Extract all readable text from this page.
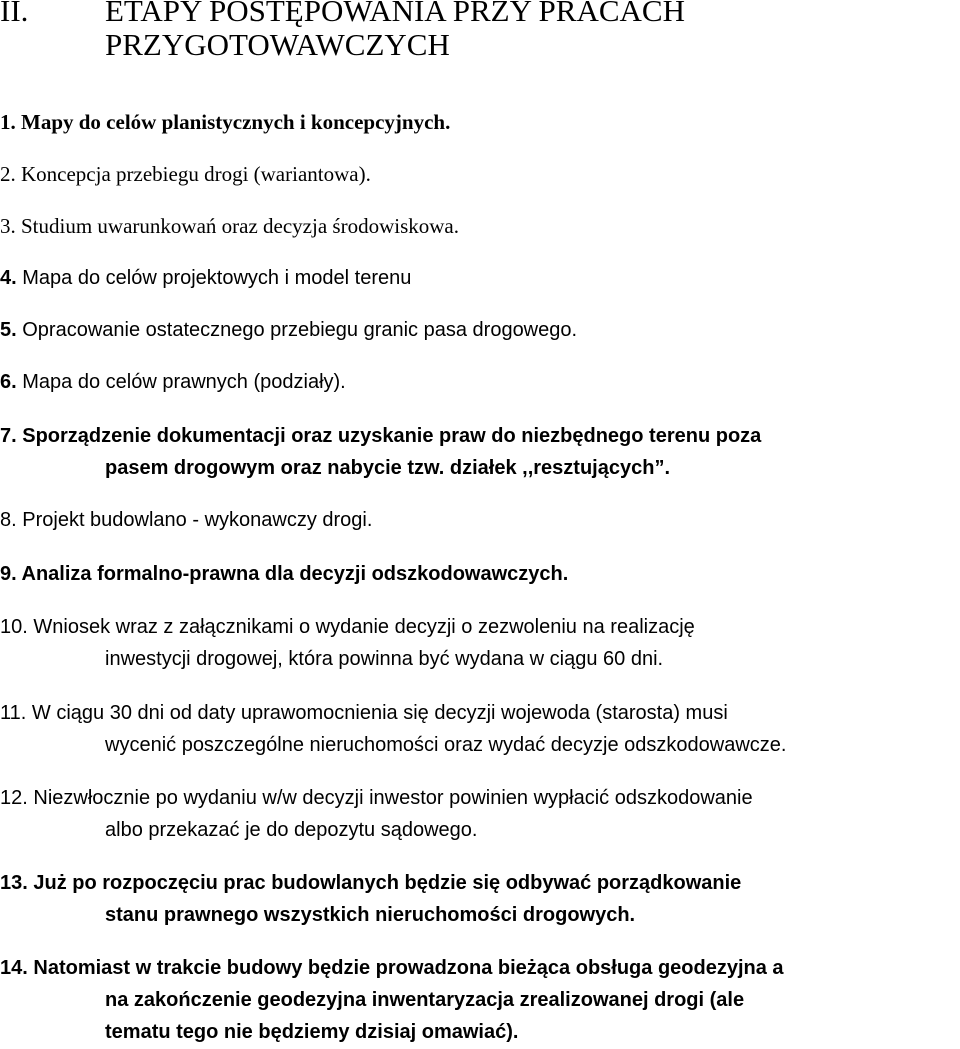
II. ETAPY POSTĘPOWANIA PRZY PRACACH
PRZYGOTOWAWCZYCH
1. Mapy do celów planistycznych i koncepcyjnych.
2. Koncepcja przebiegu drogi (wariantowa).
3. Studium uwarunkowań oraz decyzja środowiskowa.
4. Mapa do celów projektowych i model terenu
5. Opracowanie ostatecznego przebiegu granic pasa drogowego.
6. Mapa do celów prawnych (podziały).
7. Sporządzenie dokumentacji oraz uzyskanie praw do niezbędnego terenu poza
pasem drogowym oraz nabycie tzw. działek ,,resztujących”.
8. Projekt budowlano - wykonawczy drogi.
9. Analiza formalno-prawna dla decyzji odszkodowawczych.
10. Wniosek wraz z załącznikami o wydanie decyzji o zezwoleniu na realizację
inwestycji drogowej, która powinna być wydana w ciągu 60 dni.
11. W ciągu 30 dni od daty uprawomocnienia się decyzji wojewoda (starosta) musi
wycenić poszczególne nieruchomości oraz wydać decyzje odszkodowawcze.
12. Niezwłocznie po wydaniu w/w decyzji inwestor powinien wypłacić odszkodowanie
albo przekazać je do depozytu sądowego.
13. Już po rozpoczęciu prac budowlanych będzie się odbywać porządkowanie
stanu prawnego wszystkich nieruchomości drogowych.
14. Natomiast w trakcie budowy będzie prowadzona bieżąca obsługa geodezyjna a
na zakończenie geodezyjna inwentaryzacja zrealizowanej drogi (ale
tematu tego nie będziemy dzisiaj omawiać).
